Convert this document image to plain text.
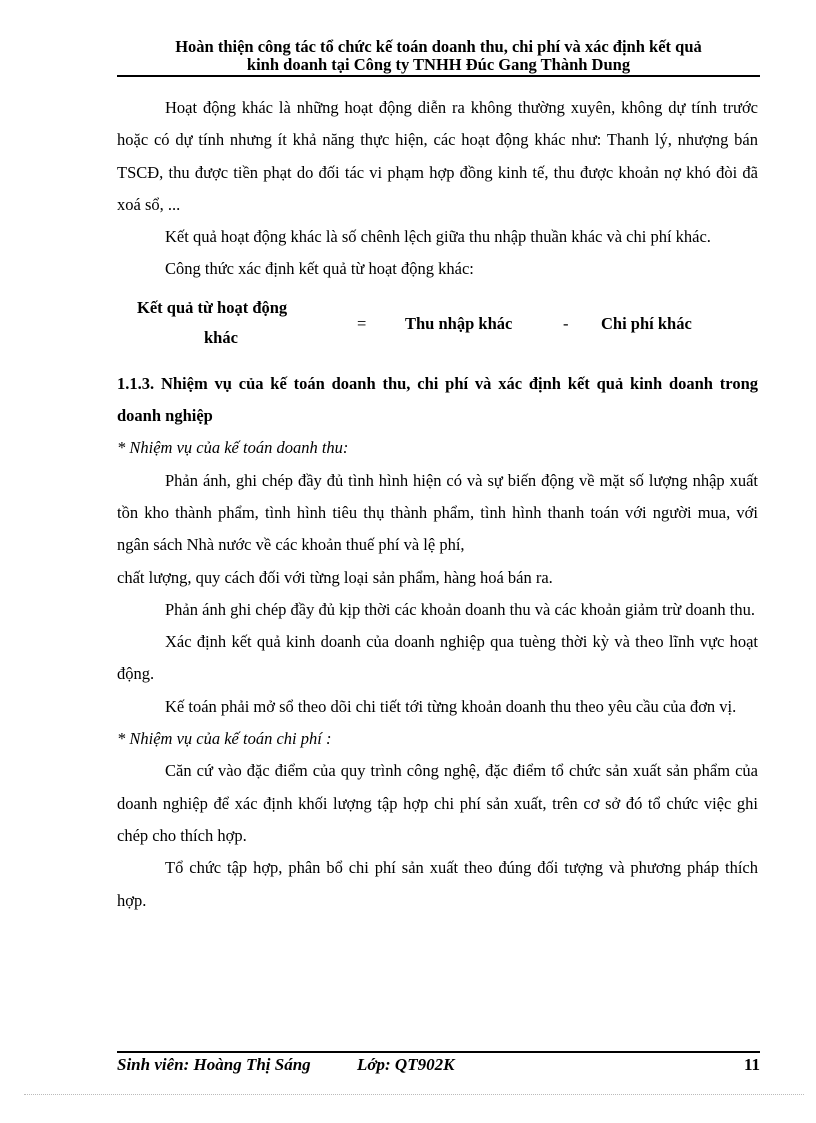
Hoàn thiện công tác tổ chức kế toán doanh thu, chi phí và xác định kết quả
kinh doanh tại Công ty TNHH Đúc Gang Thành Dung

Hoạt động khác là những hoạt động diễn ra không thường xuyên, không dự tính trước hoặc có dự tính nhưng ít khả năng thực hiện, các hoạt động khác như: Thanh lý, nhượng bán TSCĐ, thu được tiền phạt do đối tác vi phạm hợp đồng kinh tế, thu được khoản nợ khó đòi đã xoá sổ, ...

Kết quả hoạt động khác là số chênh lệch giữa thu nhập thuần khác và chi phí khác.

Công thức xác định kết quả từ hoạt động khác:

Kết quả từ hoạt động
khác
= Thu nhập khác	- Chi phí khác

1.1.3. Nhiệm vụ của kế toán doanh thu, chi phí và xác định kết quả kinh doanh trong doanh nghiệp

* Nhiệm vụ của kế toán doanh thu:

Phản ánh, ghi chép đầy đủ tình hình hiện có và sự biến động về mặt số lượng nhập xuất tồn kho thành phẩm, tình hình tiêu thụ thành phẩm, tình hình thanh toán với người mua, với ngân sách Nhà nước về các khoản thuế phí và lệ phí,

chất lượng, quy cách đối với từng loại sản phẩm, hàng hoá bán ra.

Phản ánh ghi chép đầy đủ kịp thời các khoản doanh thu và các khoản giảm trừ doanh thu.

Xác định kết quả kinh doanh của doanh nghiệp qua tuèng thời kỳ và theo lĩnh vực hoạt động.

Kế toán phải mở sổ theo dõi chi tiết tới từng khoản doanh thu theo yêu cầu của đơn vị.

* Nhiệm vụ của kế toán chi phí :

Căn cứ vào đặc điểm của quy trình công nghệ, đặc điểm tổ chức sản xuất sản phẩm của doanh nghiệp để xác định khối lượng tập hợp chi phí sản xuất, trên cơ sở đó tổ chức việc ghi chép cho thích hợp.

Tổ chức tập hợp, phân bổ chi phí sản xuất theo đúng đối tượng và phương pháp thích hợp.

Sinh viên: Hoàng Thị Sáng	Lớp: QT902K	11
